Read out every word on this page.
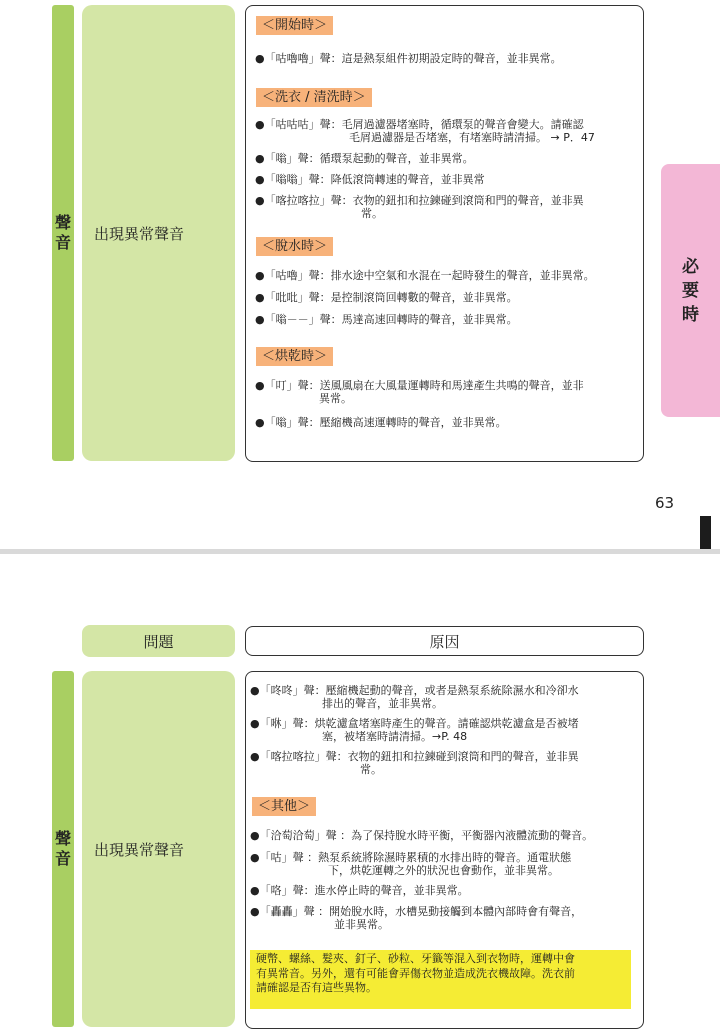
聲
音 出現異常聲音
＜開始時＞
●「咕嚕嚕」聲：這是熱泵組件初期設定時的聲音，並非異常。
＜洗衣 / 清洗時＞
●「咕咕咕」聲：毛屑過濾器堵塞時，循環泵的聲音會變大。請確認
毛屑過濾器是否堵塞，有堵塞時請清掃。 → P．47
●「嗡」聲：循環泵起動的聲音，並非異常。
●「嗡嗡」聲：降低滾筒轉速的聲音，並非異常
●「喀拉喀拉」聲：衣物的鈕扣和拉鍊碰到滾筒和門的聲音，並非異
常。
＜脫水時＞
●「咕嚕」聲：排水途中空氣和水混在一起時發生的聲音，並非異常。
●「吡吡」聲：是控制滾筒回轉數的聲音，並非異常。
●「嗡－－」聲：馬達高速回轉時的聲音，並非異常。
＜烘乾時＞
●「叮」聲：送風風扇在大風量運轉時和馬達產生共鳴的聲音，並非
異常。
●「嗡」聲：壓縮機高速運轉時的聲音，並非異常。
必
要
時
63
問題	原因
聲
音 出現異常聲音
●「咚咚」聲：壓縮機起動的聲音，或者是熱泵系統除濕水和冷卻水
排出的聲音，並非異常。
●「咻」聲：烘乾濾盒堵塞時產生的聲音。請確認烘乾濾盒是否被堵
塞，被堵塞時請清掃。→P. 48
●「喀拉喀拉」聲：衣物的鈕扣和拉鍊碰到滾筒和門的聲音，並非異
常。
＜其他＞
●「洽萄洽萄」聲 ：為了保持脫水時平衡，平衡器內液體流動的聲音。
●「咕」聲 ：熱泵系統將除濕時累積的水排出時的聲音。通電狀態
下，烘乾運轉之外的狀況也會動作，並非異常。
●「咯」聲：進水停止時的聲音，並非異常。
●「轟轟」聲 ：開始脫水時，水槽晃動接觸到本體內部時會有聲音，
並非異常。
硬幣、螺絲、髮夾、釘子、砂粒、牙籤等混入到衣物時，運轉中會
有異常音。另外，還有可能會弄傷衣物並造成洗衣機故障。洗衣前
請確認是否有這些異物。
